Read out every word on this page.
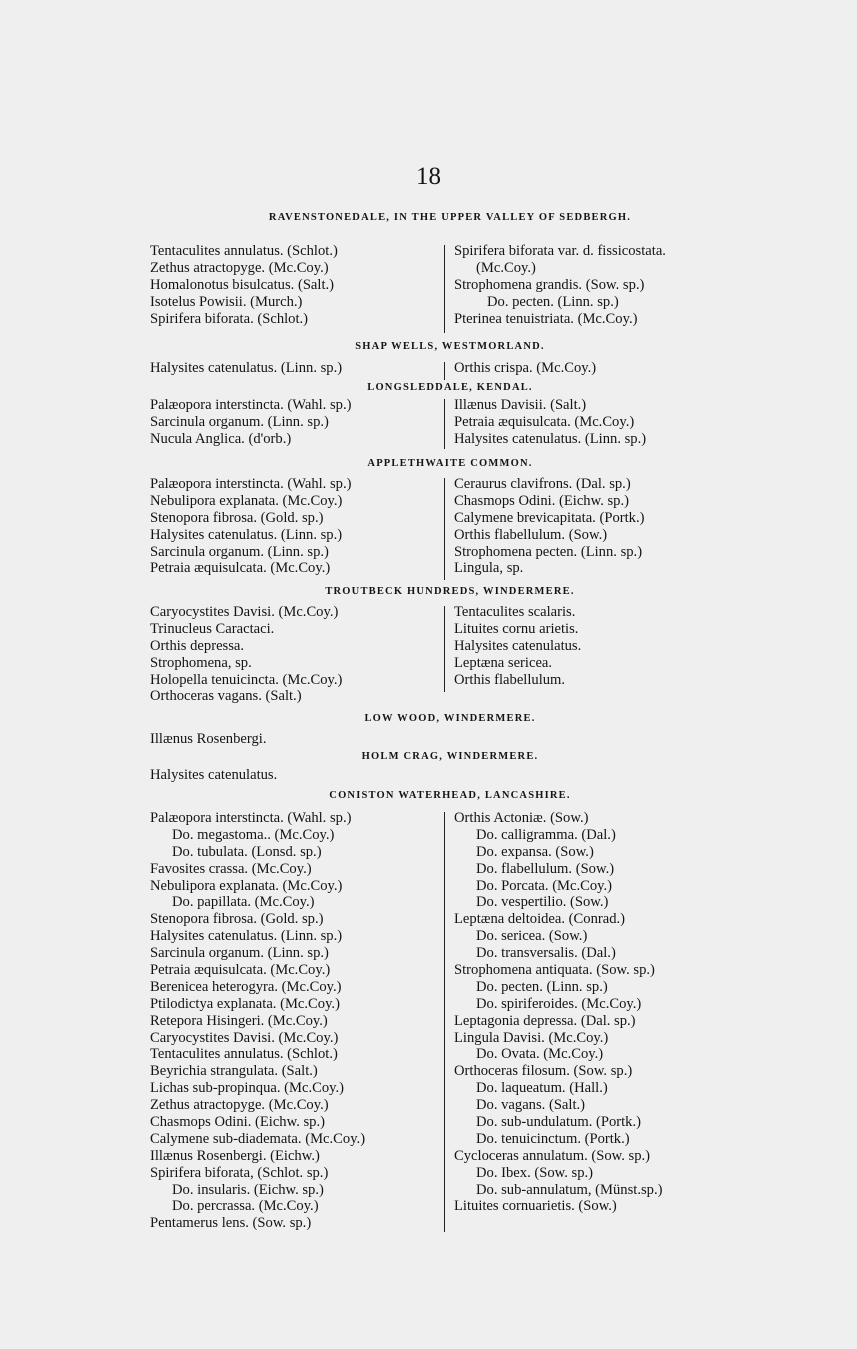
18
RAVENSTONEDALE, IN THE UPPER VALLEY OF SEDBERGH.
Tentaculites annulatus. (Schlot.)
Zethus atractopyge. (Mc.Coy.)
Homalonotus bisulcatus. (Salt.)
Isotelus Powisii. (Murch.)
Spirifera biforata. (Schlot.)
Spirifera biforata var. d. fissicostata.
(Mc.Coy.)
Strophomena grandis. (Sow. sp.)
Do. pecten. (Linn. sp.)
Pterinea tenuistriata. (Mc.Coy.)
SHAP WELLS, WESTMORLAND.
Halysites catenulatus. (Linn. sp.)	Orthis crispa. (Mc.Coy.)
LONGSLEDDALE, KENDAL.
Palæopora interstincta. (Wahl. sp.)
Sarcinula organum. (Linn. sp.)
Nucula Anglica. (d'orb.)
Illænus Davisii. (Salt.)
Petraia æquisulcata. (Mc.Coy.)
Halysites catenulatus. (Linn. sp.)
APPLETHWAITE COMMON.
Palæopora interstincta. (Wahl. sp.)
Nebulipora explanata. (Mc.Coy.)
Stenopora fibrosa. (Gold. sp.)
Halysites catenulatus. (Linn. sp.)
Sarcinula organum. (Linn. sp.)
Petraia æquisulcata. (Mc.Coy.)
Ceraurus clavifrons. (Dal. sp.)
Chasmops Odini. (Eichw. sp.)
Calymene brevicapitata. (Portk.)
Orthis flabellulum. (Sow.)
Strophomena pecten. (Linn. sp.)
Lingula, sp.
TROUTBECK HUNDREDS, WINDERMERE.
Caryocystites Davisi. (Mc.Coy.)
Trinucleus Caractaci.
Orthis depressa.
Strophomena, sp.
Holopella tenuicincta. (Mc.Coy.)
Orthoceras vagans. (Salt.)
Tentaculites scalaris.
Lituites cornu arietis.
Halysites catenulatus.
Leptæna sericea.
Orthis flabellulum.
LOW WOOD, WINDERMERE.
Illænus Rosenbergi.
HOLM CRAG, WINDERMERE.
Halysites catenulatus.
CONISTON WATERHEAD, LANCASHIRE.
Palæopora interstincta. (Wahl. sp.)
Do. megastoma.. (Mc.Coy.)
Do. tubulata. (Lonsd. sp.)
Favosites crassa. (Mc.Coy.)
Nebulipora explanata. (Mc.Coy.)
Do. papillata. (Mc.Coy.)
Stenopora fibrosa. (Gold. sp.)
Halysites catenulatus. (Linn. sp.)
Sarcinula organum. (Linn. sp.)
Petraia æquisulcata. (Mc.Coy.)
Berenicea heterogyra. (Mc.Coy.)
Ptilodictya explanata. (Mc.Coy.)
Retepora Hisingeri. (Mc.Coy.)
Caryocystites Davisi. (Mc.Coy.)
Tentaculites annulatus. (Schlot.)
Beyrichia strangulata. (Salt.)
Lichas sub-propinqua. (Mc.Coy.)
Zethus atractopyge. (Mc.Coy.)
Chasmops Odini. (Eichw. sp.)
Calymene sub-diademata. (Mc.Coy.)
Illænus Rosenbergi. (Eichw.)
Spirifera biforata, (Schlot. sp.)
Do. insularis. (Eichw. sp.)
Do. percrassa. (Mc.Coy.)
Pentamerus lens. (Sow. sp.)
Orthis Actoniæ. (Sow.)
Do. calligramma. (Dal.)
Do. expansa. (Sow.)
Do. flabellulum. (Sow.)
Do. Porcata. (Mc.Coy.)
Do. vespertilio. (Sow.)
Leptæna deltoidea. (Conrad.)
Do. sericea. (Sow.)
Do. transversalis. (Dal.)
Strophomena antiquata. (Sow. sp.)
Do. pecten. (Linn. sp.)
Do. spiriferoides. (Mc.Coy.)
Leptagonia depressa. (Dal. sp.)
Lingula Davisi. (Mc.Coy.)
Do. Ovata. (Mc.Coy.)
Orthoceras filosum. (Sow. sp.)
Do. laqueatum. (Hall.)
Do. vagans. (Salt.)
Do. sub-undulatum. (Portk.)
Do. tenuicinctum. (Portk.)
Cycloceras annulatum. (Sow. sp.)
Do. Ibex. (Sow. sp.)
Do. sub-annulatum, (Münst.sp.)
Lituites cornuarietis. (Sow.)
